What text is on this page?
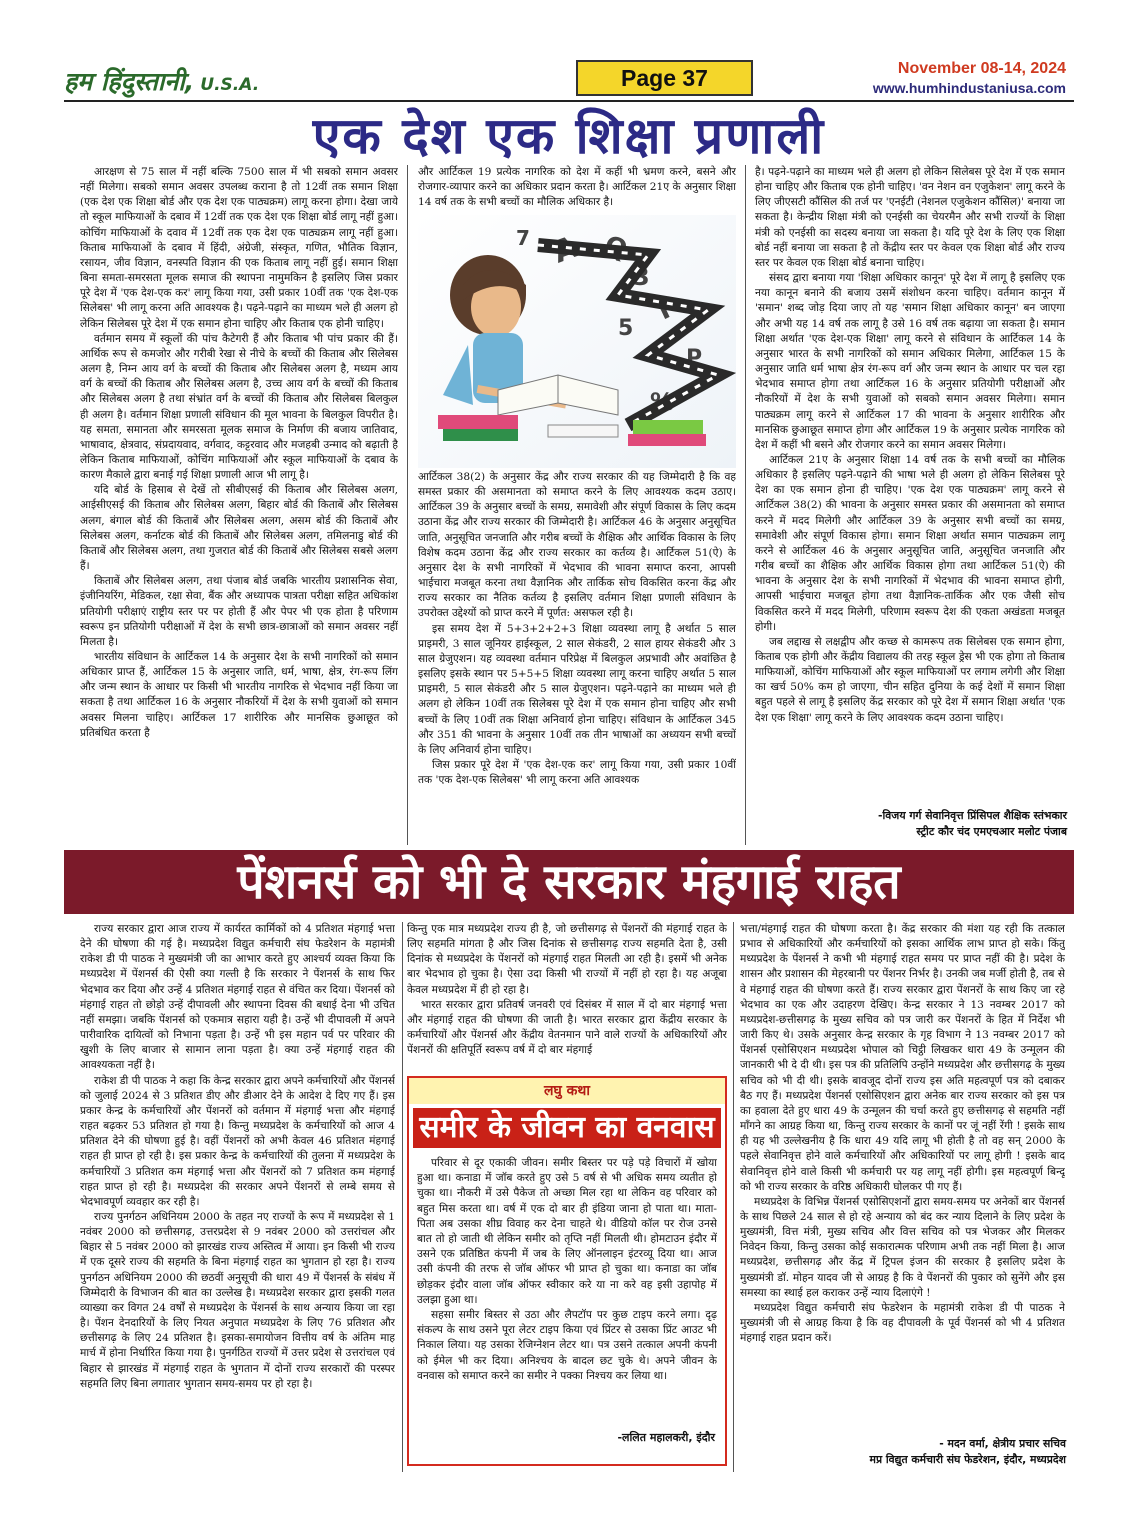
हम हिंदुस्तानी, U.S.A.	Page 37	November 08-14, 2024
www.humhindustaniusa.com
एक देश एक शिक्षा प्रणाली

आरक्षण से 75 साल में नहीं बल्कि 7500 साल में भी सबको समान अवसर नहीं मिलेगा। सबको समान अवसर उपलब्ध कराना है तो 12वीं तक समान शिक्षा (एक देश एक शिक्षा बोर्ड और एक देश एक पाठ्यक्रम) लागू करना होगा। देखा जाये तो स्कूल माफियाओं के दबाव में 12वीं तक एक देश एक शिक्षा बोर्ड लागू नहीं हुआ। कोचिंग माफियाओं के दवाव में 12वीं तक एक देश एक पाठ्यक्रम लागू नहीं हुआ। किताब माफियाओं के दबाव में हिंदी, अंग्रेजी, संस्कृत, गणित, भौतिक विज्ञान, रसायन, जीव विज्ञान, वनस्पति विज्ञान की एक किताब लागू नहीं हुई। समान शिक्षा बिना समता-समरसता मूलक समाज की स्थापना नामुमकिन है इसलिए जिस प्रकार पूरे देश में 'एक देश-एक कर' लागू किया गया, उसी प्रकार 10वीं तक 'एक देश-एक सिलेबस' भी लागू करना अति आवश्यक है। पढ़ने-पढ़ाने का माध्यम भले ही अलग हो लेकिन सिलेबस पूरे देश में एक समान होना चाहिए और किताब एक होनी चाहिए।

वर्तमान समय में स्कूलों की पांच कैटेगरी हैं और किताब भी पांच प्रकार की हैं। आर्थिक रूप से कमजोर और गरीबी रेखा से नीचे के बच्चों की किताब और सिलेबस अलग है, निम्न आय वर्ग के बच्चों की किताब और सिलेबस अलग है, मध्यम आय वर्ग के बच्चों की किताब और सिलेबस अलग है, उच्च आय वर्ग के बच्चों की किताब और सिलेबस अलग है तथा संभ्रांत वर्ग के बच्चों की किताब और सिलेबस बिलकुल ही अलग है। वर्तमान शिक्षा प्रणाली संविधान की मूल भावना के बिलकुल विपरीत है। यह समता, समानता और समरसता मूलक समाज के निर्माण की बजाय जातिवाद, भाषावाद, क्षेत्रवाद, संप्रदायवाद, वर्गवाद, कट्टरवाद और मजहबी उन्माद को बढ़ाती है लेकिन किताब माफियाओं, कोचिंग माफियाओं और स्कूल माफियाओं के दबाव के कारण मैकाले द्वारा बनाई गई शिक्षा प्रणाली आज भी लागू है।

यदि बोर्ड के हिसाब से देखें तो सीबीएसई की किताब और सिलेबस अलग, आईसीएसई की किताब और सिलेबस अलग, बिहार बोर्ड की किताबें और सिलेबस अलग, बंगाल बोर्ड की किताबें और सिलेबस अलग, असम बोर्ड की किताबें और सिलेबस अलग, कर्नाटक बोर्ड की किताबें और सिलेबस अलग, तमिलनाडु बोर्ड की किताबें और सिलेबस अलग, तथा गुजरात बोर्ड की किताबें और सिलेबस सबसे अलग हैं।

किताबें और सिलेबस अलग, तथा पंजाब बोर्ड जबकि भारतीय प्रशासनिक सेवा, इंजीनियरिंग, मेडिकल, रक्षा सेवा, बैंक और अध्यापक पात्रता परीक्षा सहित अधिकांश प्रतियोगी परीक्षाएं राष्ट्रीय स्तर पर पर होती हैं और पेपर भी एक होता है परिणाम स्वरूप इन प्रतियोगी परीक्षाओं में देश के सभी छात्र-छात्राओं को समान अवसर नहीं मिलता है।

भारतीय संविधान के आर्टिकल 14 के अनुसार देश के सभी नागरिकों को समान अधिकार प्राप्त हैं, आर्टिकल 15 के अनुसार जाति, धर्म, भाषा, क्षेत्र, रंग-रूप लिंग और जन्म स्थान के आधार पर किसी भी भारतीय नागरिक से भेदभाव नहीं किया जा सकता है तथा आर्टिकल 16 के अनुसार नौकरियों में देश के सभी युवाओं को समान अवसर मिलना चाहिए। आर्टिकल 17 शारीरिक और मानसिक छुआछूत को प्रतिबंधित करता है

और आर्टिकल 19 प्रत्येक नागरिक को देश में कहीं भी भ्रमण करने, बसने और रोजगार-व्यापार करने का अधिकार प्रदान करता है। आर्टिकल 21ए के अनुसार शिक्षा 14 वर्ष तक के सभी बच्चों का मौलिक अधिकार है।

A Q
3
7
F
P
%
5

आर्टिकल 38(2) के अनुसार केंद्र और राज्य सरकार की यह जिम्मेदारी है कि वह समस्त प्रकार की असमानता को समाप्त करने के लिए आवश्यक कदम उठाए। आर्टिकल 39 के अनुसार बच्चों के समग्र, समावेशी और संपूर्ण विकास के लिए कदम उठाना केंद्र और राज्य सरकार की जिम्मेदारी है। आर्टिकल 46 के अनुसार अनुसूचित जाति, अनुसूचित जनजाति और गरीब बच्चों के शैक्षिक और आर्थिक विकास के लिए विशेष कदम उठाना केंद्र और राज्य सरकार का कर्तव्य है। आर्टिकल 51(ऐ) के अनुसार देश के सभी नागरिकों में भेदभाव की भावना समाप्त करना, आपसी भाईचारा मजबूत करना तथा वैज्ञानिक और तार्किक सोच विकसित करना केंद्र और राज्य सरकार का नैतिक कर्तव्य है इसलिए वर्तमान शिक्षा प्रणाली संविधान के उपरोक्त उद्देश्यों को प्राप्त करने में पूर्णत: असफल रही है।

इस समय देश में 5+3+2+2+3 शिक्षा व्यवस्था लागू है अर्थात 5 साल प्राइमरी, 3 साल जूनियर हाईस्कूल, 2 साल सेकंडरी, 2 साल हायर सेकंडरी और 3 साल ग्रेजुएशन। यह व्यवस्था वर्तमान परिप्रेक्ष में बिलकुल अप्रभावी और अवांछित है इसलिए इसके स्थान पर 5+5+5 शिक्षा व्यवस्था लागू करना चाहिए अर्थात 5 साल प्राइमरी, 5 साल सेकंडरी और 5 साल ग्रेजुएशन। पढ़ने-पढ़ाने का माध्यम भले ही अलग हो लेकिन 10वीं तक सिलेबस पूरे देश में एक समान होना चाहिए और सभी बच्चों के लिए 10वीं तक शिक्षा अनिवार्य होना चाहिए। संविधान के आर्टिकल 345 और 351 की भावना के अनुसार 10वीं तक तीन भाषाओं का अध्ययन सभी बच्चों के लिए अनिवार्य होना चाहिए।

जिस प्रकार पूरे देश में 'एक देश-एक कर' लागू किया गया, उसी प्रकार 10वीं तक 'एक देश-एक सिलेबस' भी लागू करना अति आवश्यक

है। पढ़ने-पढ़ाने का माध्यम भले ही अलग हो लेकिन सिलेबस पूरे देश में एक समान होना चाहिए और किताब एक होनी चाहिए। 'वन नेशन वन एजुकेशन' लागू करने के लिए जीएसटी कौंसिल की तर्ज पर 'एनईटी (नेशनल एजुकेशन कौंसिल)' बनाया जा सकता है। केन्द्रीय शिक्षा मंत्री को एनईसी का चेयरमैन और सभी राज्यों के शिक्षा मंत्री को एनईसी का सदस्य बनाया जा सकता है। यदि पूरे देश के लिए एक शिक्षा बोर्ड नहीं बनाया जा सकता है तो केंद्रीय स्तर पर केवल एक शिक्षा बोर्ड और राज्य स्तर पर केवल एक शिक्षा बोर्ड बनाना चाहिए।

संसद द्वारा बनाया गया 'शिक्षा अधिकार कानून' पूरे देश में लागू है इसलिए एक नया कानून बनाने की बजाय उसमें संशोधन करना चाहिए। वर्तमान कानून में 'समान' शब्द जोड़ दिया जाए तो यह 'समान शिक्षा अधिकार कानून' बन जाएगा और अभी यह 14 वर्ष तक लागू है उसे 16 वर्ष तक बढ़ाया जा सकता है। समान शिक्षा अर्थात 'एक देश-एक शिक्षा' लागू करने से संविधान के आर्टिकल 14 के अनुसार भारत के सभी नागरिकों को समान अधिकार मिलेगा, आर्टिकल 15 के अनुसार जाति धर्म भाषा क्षेत्र रंग-रूप वर्ग और जन्म स्थान के आधार पर चल रहा भेदभाव समाप्त होगा तथा आर्टिकल 16 के अनुसार प्रतियोगी परीक्षाओं और नौकरियों में देश के सभी युवाओं को सबको समान अवसर मिलेगा। समान पाठ्यक्रम लागू करने से आर्टिकल 17 की भावना के अनुसार शारीरिक और मानसिक छुआछूत समाप्त होगा और आर्टिकल 19 के अनुसार प्रत्येक नागरिक को देश में कहीं भी बसने और रोजगार करने का समान अवसर मिलेगा।

आर्टिकल 21ए के अनुसार शिक्षा 14 वर्ष तक के सभी बच्चों का मौलिक अधिकार है इसलिए पढ़ने-पढ़ाने की भाषा भले ही अलग हो लेकिन सिलेबस पूरे देश का एक समान होना ही चाहिए। 'एक देश एक पाठ्यक्रम' लागू करने से आर्टिकल 38(2) की भावना के अनुसार समस्त प्रकार की असमानता को समाप्त करने में मदद मिलेगी और आर्टिकल 39 के अनुसार सभी बच्चों का समग्र, समावेशी और संपूर्ण विकास होगा। समान शिक्षा अर्थात समान पाठ्यक्रम लागू करने से आर्टिकल 46 के अनुसार अनुसूचित जाति, अनुसूचित जनजाति और गरीब बच्चों का शैक्षिक और आर्थिक विकास होगा तथा आर्टिकल 51(ऐ) की भावना के अनुसार देश के सभी नागरिकों में भेदभाव की भावना समाप्त होगी, आपसी भाईचारा मजबूत होगा तथा वैज्ञानिक-तार्किक और एक जैसी सोच विकसित करने में मदद मिलेगी, परिणाम स्वरूप देश की एकता अखंडता मजबूत होगी।

जब लद्दाख से लक्षद्वीप और कच्छ से कामरूप तक सिलेबस एक समान होगा, किताब एक होगी और केंद्रीय विद्यालय की तरह स्कूल ड्रेस भी एक होगा तो किताब माफियाओं, कोचिंग माफियाओं और स्कूल माफियाओं पर लगाम लगेगी और शिक्षा का खर्च 50% कम हो जाएगा, चीन सहित दुनिया के कई देशों में समान शिक्षा बहुत पहले से लागू है इसलिए केंद्र सरकार को पूरे देश में समान शिक्षा अर्थात 'एक देश एक शिक्षा' लागू करने के लिए आवश्यक कदम उठाना चाहिए।

-विजय गर्ग सेवानिवृत्त प्रिंसिपल शैक्षिक स्तंभकार
स्ट्रीट कौर चंद एमएचआर मलोट पंजाब
पेंशनर्स को भी दे सरकार मंहगाई राहत

राज्य सरकार द्वारा आज राज्य में कार्यरत कार्मिकों को 4 प्रतिशत मंहगाई भत्ता देने की घोषणा की गई है। मध्यप्रदेश विद्युत कर्मचारी संघ फेडरेशन के महामंत्री राकेश डी पी पाठक ने मुख्यमंत्री जी का आभार करते हुए आश्चर्य व्यक्त किया कि मध्यप्रदेश में पेंशनर्स की ऐसी क्या गल्ती है कि सरकार ने पेंशनर्स के साथ फिर भेदभाव कर दिया और उन्हें 4 प्रतिशत मंहगाई राहत से वंचित कर दिया। पेंशनर्स को मंहगाई राहत तो छोड़ो उन्हें दीपावली और स्थापना दिवस की बधाई देना भी उचित नहीं समझा। जबकि पेंशनर्स को एकमात्र सहारा यही है। उन्हें भी दीपावली में अपने पारीवारिक दायित्वों को निभाना पड़ता है। उन्हें भी इस महान पर्व पर परिवार की खुशी के लिए बाजार से सामान लाना पड़ता है। क्या उन्हें मंहगाई राहत की आवश्यकता नहीं है।

राकेश डी पी पाठक ने कहा कि केन्द्र सरकार द्वारा अपने कर्मचारियों और पेंशनर्स को जुलाई 2024 से 3 प्रतिशत डीए और डीआर देने के आदेश दे दिए गए हैं। इस प्रकार केन्द्र के कर्मचारियों और पेंशनरों को वर्तमान में मंहगाई भत्ता और मंहगाई राहत बढ़कर 53 प्रतिशत हो गया है। किन्तु मध्यप्रदेश के कर्मचारियों को आज 4 प्रतिशत देने की घोषणा हुई है। वहीं पेंशनरों को अभी केवल 46 प्रतिशत मंहगाई राहत ही प्राप्त हो रही है। इस प्रकार केन्द्र के कर्मचारियों की तुलना में मध्यप्रदेश के कर्मचारियों 3 प्रतिशत कम मंहगाई भत्ता और पेंशनरों को 7 प्रतिशत कम मंहगाई राहत प्राप्त हो रही है। मध्यप्रदेश की सरकार अपने पेंशनरों से लम्बे समय से भेदभावपूर्ण व्यवहार कर रही है।

राज्य पुनर्गठन अधिनियम 2000 के तहत नए राज्यों के रूप में मध्यप्रदेश से 1 नवंबर 2000 को छत्तीसगढ़, उत्तरप्रदेश से 9 नवंबर 2000 को उत्तरांचल और बिहार से 5 नवंबर 2000 को झारखंड राज्य अस्तित्व में आया। इन किसी भी राज्य में एक दूसरे राज्य की सहमति के बिना मंहगाई राहत का भुगतान हो रहा है। राज्य पुनर्गठन अधिनियम 2000 की छठवीं अनुसूची की धारा 49 में पेंशनर्स के संबंध में जिम्मेदारी के विभाजन की बात का उल्लेख है। मध्यप्रदेश सरकार द्वारा इसकी गलत व्याख्या कर विगत 24 वर्षों से मध्यप्रदेश के पेंशनर्स के साथ अन्याय किया जा रहा है। पेंशन देनदारियों के लिए नियत अनुपात मध्यप्रदेश के लिए 76 प्रतिशत और छत्तीसगढ़ के लिए 24 प्रतिशत है। इसका-समायोजन वित्तीय वर्ष के अंतिम माह मार्च में होना निर्धारित किया गया है। पुनर्गठित राज्यों में उत्तर प्रदेश से उत्तरांचल एवं बिहार से झारखंड में मंहगाई राहत के भुगतान में दोनों राज्य सरकारों की परस्पर सहमति लिए बिना लगातार भुगतान समय-समय पर हो रहा है।

किन्तु एक मात्र मध्यप्रदेश राज्य ही है, जो छत्तीसगढ़ से पेंशनरों की मंहगाई राहत के लिए सहमति मांगता है और जिस दिनांक से छत्तीसगढ़ राज्य सहमति देता है, उसी दिनांक से मध्यप्रदेश के पेंशनरों को मंहगाई राहत मिलती आ रही है। इसमें भी अनेक बार भेदभाव हो चुका है। ऐसा उदा किसी भी राज्यों में नहीं हो रहा है। यह अजूबा केवल मध्यप्रदेश में ही हो रहा है।

भारत सरकार द्वारा प्रतिवर्ष जनवरी एवं दिसंबर में साल में दो बार मंहगाई भत्ता और मंहगाई राहत की घोषणा की जाती है। भारत सरकार द्वारा केंद्रीय सरकार के कर्मचारियों और पेंशनर्स और केंद्रीय वेतनमान पाने वाले राज्यों के अधिकारियों और पेंशनरों की क्षतिपूर्ति स्वरूप वर्ष में दो बार मंहगाई

लघु कथा
समीर के जीवन का वनवास

परिवार से दूर एकाकी जीवन। समीर बिस्तर पर पड़े पड़े विचारों में खोया हुआ था। कनाडा में जॉब करते हुए उसे 5 वर्ष से भी अधिक समय व्यतीत हो चुका था। नौकरी में उसे पैकेज तो अच्छा मिल रहा था लेकिन वह परिवार को बहुत मिस करता था। वर्ष में एक दो बार ही इंडिया जाना हो पाता था। माता-पिता अब उसका शीघ्र विवाह कर देना चाहते थे। वीडियो कॉल पर रोज उनसे बात तो हो जाती थी लेकिन समीर को तृप्ति नहीं मिलती थी। होमटाउन इंदौर में उसने एक प्रतिष्ठित कंपनी में जब के लिए ऑनलाइन इंटरव्यू दिया था। आज उसी कंपनी की तरफ से जॉब ऑफर भी प्राप्त हो चुका था। कनाडा का जॉब छोड़कर इंदौर वाला जॉब ऑफर स्वीकार करे या ना करे वह इसी उहापोह में उलझा हुआ था।

सहसा समीर बिस्तर से उठा और लैपटॉप पर कुछ टाइप करने लगा। दृढ़ संकल्प के साथ उसने पूरा लेटर टाइप किया एवं प्रिंटर से उसका प्रिंट आउट भी निकाल लिया। यह उसका रेजिग्नेशन लेटर था। पत्र उसने तत्काल अपनी कंपनी को ईमेल भी कर दिया। अनिश्चय के बादल छट चुके थे। अपने जीवन के वनवास को समाप्त करने का समीर ने पक्का निश्चय कर लिया था।

-ललित महालकरी, इंदौर

भत्ता/मंहगाई राहत की घोषणा करता है। केंद्र सरकार की मंशा यह रही कि तत्काल प्रभाव से अधिकारियों और कर्मचारियों को इसका आर्थिक लाभ प्राप्त हो सके। किंतु मध्यप्रदेश के पेंशनर्स ने कभी भी मंहगाई राहत समय पर प्राप्त नहीं की है। प्रदेश के शासन और प्रशासन की मेहरबानी पर पेंशनर निर्भर है। उनकी जब मर्जी होती है, तब से वे मंहगाई राहत की घोषणा करते हैं। राज्य सरकार द्वारा पेंशनरों के साथ किए जा रहे भेदभाव का एक और उदाहरण देखिए। केन्द्र सरकार ने 13 नवम्बर 2017 को मध्यप्रदेश-छत्तीसगढ़ के मुख्य सचिव को पत्र जारी कर पेंशनरों के हित में निर्देश भी जारी किए थे। उसके अनुसार केन्द्र सरकार के गृह विभाग ने 13 नवम्बर 2017 को पेंशनर्स एसोसिएशन मध्यप्रदेश भोपाल को चिट्ठी लिखकर धारा 49 के उन्मूलन की जानकारी भी दे दी थी। इस पत्र की प्रतिलिपि उन्होंने मध्यप्रदेश और छत्तीसगढ़ के मुख्य सचिव को भी दी थी। इसके बावजूद दोनों राज्य इस अति महत्वपूर्ण पत्र को दबाकर बैठ गए हैं। मध्यप्रदेश पेंशनर्स एसोसिएशन द्वारा अनेक बार राज्य सरकार को इस पत्र का हवाला देते हुए धारा 49 के उन्मूलन की चर्चा करते हुए छत्तीसगढ़ से सहमति नहीं माँगने का आग्रह किया था, किन्तु राज्य सरकार के कानों पर जूं नहीं रेंगी ! इसके साथ ही यह भी उल्लेखनीय है कि धारा 49 यदि लागू भी होती है तो वह सन् 2000 के पहले सेवानिवृत्त होने वाले कर्मचारियों और अधिकारियों पर लागू होगी ! इसके बाद सेवानिवृत्त होने वाले किसी भी कर्मचारी पर यह लागू नहीं होगी। इस महत्वपूर्ण बिन्दू को भी राज्य सरकार के वरिष्ठ अधिकारी घोलकर पी गए हैं।

मध्यप्रदेश के विभिन्न पेंशनर्स एसोसिएशनों द्वारा समय-समय पर अनेकों बार पेंशनर्स के साथ पिछले 24 साल से हो रहे अन्याय को बंद कर न्याय दिलाने के लिए प्रदेश के मुख्यमंत्री, वित्त मंत्री, मुख्य सचिव और वित्त सचिव को पत्र भेजकर और मिलकर निवेदन किया, किन्तु उसका कोई सकारात्मक परिणाम अभी तक नहीं मिला है। आज मध्यप्रदेश, छत्तीसगढ़ और केंद्र में ट्रिपल इंजन की सरकार है इसलिए प्रदेश के मुख्यमंत्री डॉ. मोहन यादव जी से आग्रह है कि वे पेंशनरों की पुकार को सुनेंगे और इस समस्या का स्थाई हल कराकर उन्हें न्याय दिलाएंगे !

मध्यप्रदेश विद्युत कर्मचारी संघ फेडरेशन के महामंत्री राकेश डी पी पाठक ने मुख्यमंत्री जी से आग्रह किया है कि वह दीपावली के पूर्व पेंशनर्स को भी 4 प्रतिशत मंहगाई राहत प्रदान करें।

- मदन वर्मा, क्षेत्रीय प्रचार सचिव
मप्र विद्युत कर्मचारी संघ फेडरेशन, इंदौर, मध्यप्रदेश
